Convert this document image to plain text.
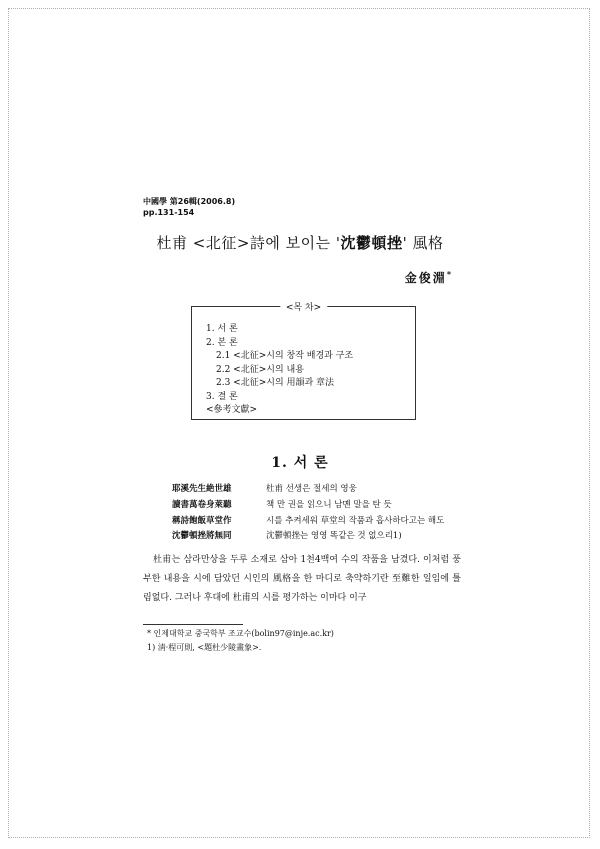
中國學 第26輯(2006.8)
pp.131-154
杜甫 <北征>詩에 보이는 '沈鬱頓挫' 風格
金俊淵*
<목 차>
1. 서 론
2. 본 론
2.1 <北征>시의 창작 배경과 구조
2.2 <北征>시의 내용
2.3 <北征>시의 用韻과 章法
3. 결 론
<參考文獻>
1. 서 론
耶溪先生絶世雄	杜甫 선생은 절세의 영웅
讀書萬卷身萊聽	책 만 권을 읽으니 남몐 말을 탄 듯
稱詩飽飯草堂作	시를 추켜세워 草堂의 작품과 흡사하다고는 해도
沈鬱頓挫將無同	沈鬱頓挫는 영영 똑같은 것 없으리1)
杜甫는 삼라만상을 두루 소재로 삼아 1천4백여 수의 작품을 남겼다. 이처럼 풍부한 내용을 시에 담았던 시인의 風格을 한 마디로 축약하기란 至難한 일임에 틀림없다. 그러나 후대에 杜甫의 시를 평가하는 이마다 이구
* 인제대학교 중국학부 조교수(bolin97@inje.ac.kr)
1) 淸·程可則, <題杜少陵畫象>.
